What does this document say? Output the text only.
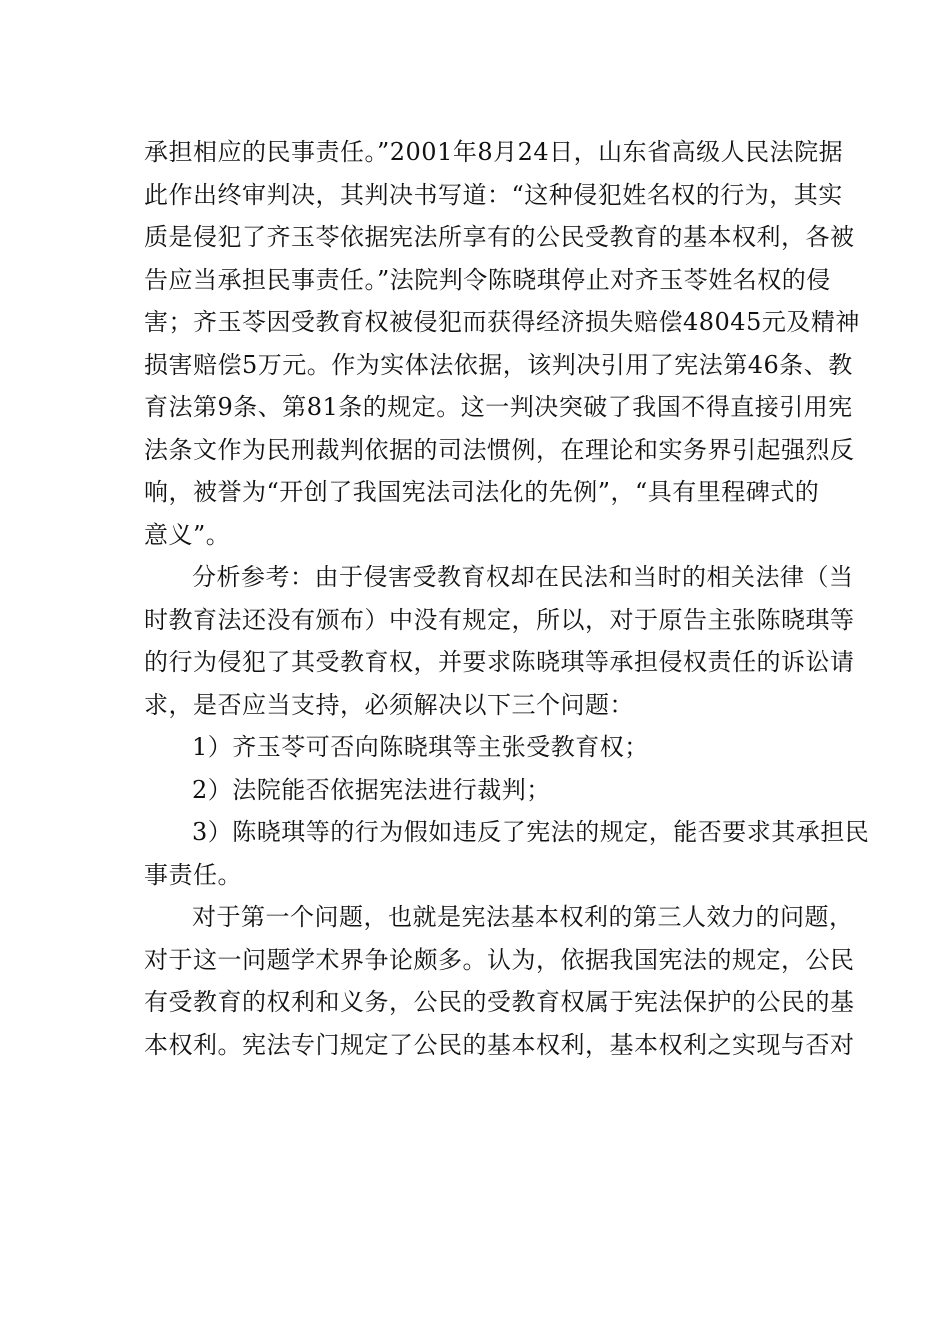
承担相应的民事责任。”2001年8月24日，山东省高级人民法院据
此作出终审判决，其判决书写道：“这种侵犯姓名权的行为，其实
质是侵犯了齐玉苓依据宪法所享有的公民受教育的基本权利，各被
告应当承担民事责任。”法院判令陈晓琪停止对齐玉苓姓名权的侵
害；齐玉苓因受教育权被侵犯而获得经济损失赔偿48045元及精神
损害赔偿5万元。作为实体法依据，该判决引用了宪法第46条、教
育法第9条、第81条的规定。这一判决突破了我国不得直接引用宪
法条文作为民刑裁判依据的司法惯例，在理论和实务界引起强烈反
响，被誉为“开创了我国宪法司法化的先例”，“具有里程碑式的
意义”。
分析参考：由于侵害受教育权却在民法和当时的相关法律（当
时教育法还没有颁布）中没有规定，所以，对于原告主张陈晓琪等
的行为侵犯了其受教育权，并要求陈晓琪等承担侵权责任的诉讼请
求，是否应当支持，必须解决以下三个问题：
1）齐玉苓可否向陈晓琪等主张受教育权；
2）法院能否依据宪法进行裁判；
3）陈晓琪等的行为假如违反了宪法的规定，能否要求其承担民
事责任。
对于第一个问题，也就是宪法基本权利的第三人效力的问题，
对于这一问题学术界争论颇多。认为，依据我国宪法的规定，公民
有受教育的权利和义务，公民的受教育权属于宪法保护的公民的基
本权利。宪法专门规定了公民的基本权利，基本权利之实现与否对
